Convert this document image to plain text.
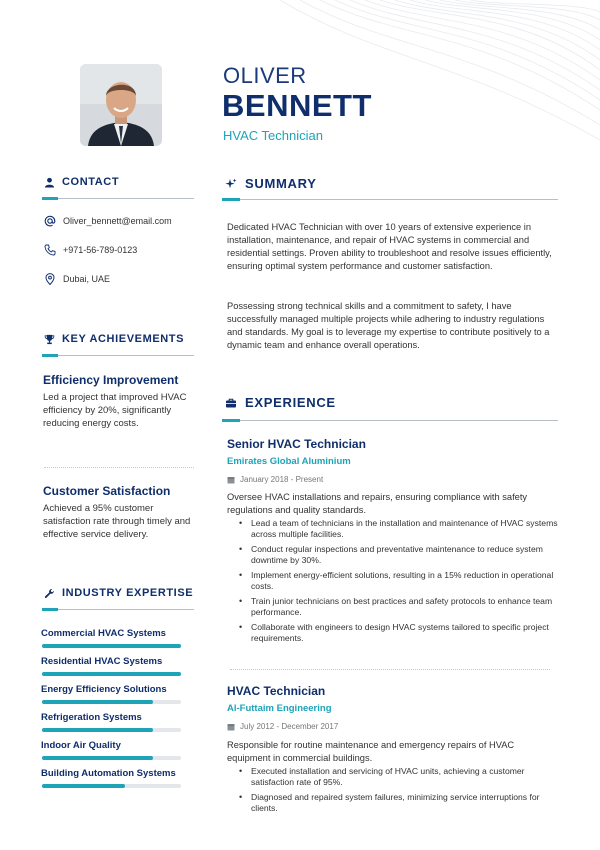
OLIVER
BENNETT
HVAC Technician
CONTACT
Oliver_bennett@email.com
+971-56-789-0123
Dubai, UAE
KEY ACHIEVEMENTS
Efficiency Improvement
Led a project that improved HVAC efficiency by 20%, significantly reducing energy costs.
Customer Satisfaction
Achieved a 95% customer satisfaction rate through timely and effective service delivery.
INDUSTRY EXPERTISE
Commercial HVAC Systems
Residential HVAC Systems
Energy Efficiency Solutions
Refrigeration Systems
Indoor Air Quality
Building Automation Systems
SUMMARY
Dedicated HVAC Technician with over 10 years of extensive experience in installation, maintenance, and repair of HVAC systems in commercial and residential settings. Proven ability to troubleshoot and resolve issues efficiently, ensuring optimal system performance and customer satisfaction.
Possessing strong technical skills and a commitment to safety, I have successfully managed multiple projects while adhering to industry regulations and standards. My goal is to leverage my expertise to contribute positively to a dynamic team and enhance overall operations.
EXPERIENCE
Senior HVAC Technician
Emirates Global Aluminium
January 2018 - Present
Oversee HVAC installations and repairs, ensuring compliance with safety regulations and quality standards.
• Lead a team of technicians in the installation and maintenance of HVAC systems across multiple facilities.
• Conduct regular inspections and preventative maintenance to reduce system downtime by 30%.
• Implement energy-efficient solutions, resulting in a 15% reduction in operational costs.
• Train junior technicians on best practices and safety protocols to enhance team performance.
• Collaborate with engineers to design HVAC systems tailored to specific project requirements.
HVAC Technician
Al-Futtaim Engineering
July 2012 - December 2017
Responsible for routine maintenance and emergency repairs of HVAC equipment in commercial buildings.
• Executed installation and servicing of HVAC units, achieving a customer satisfaction rate of 95%.
• Diagnosed and repaired system failures, minimizing service interruptions for clients.
